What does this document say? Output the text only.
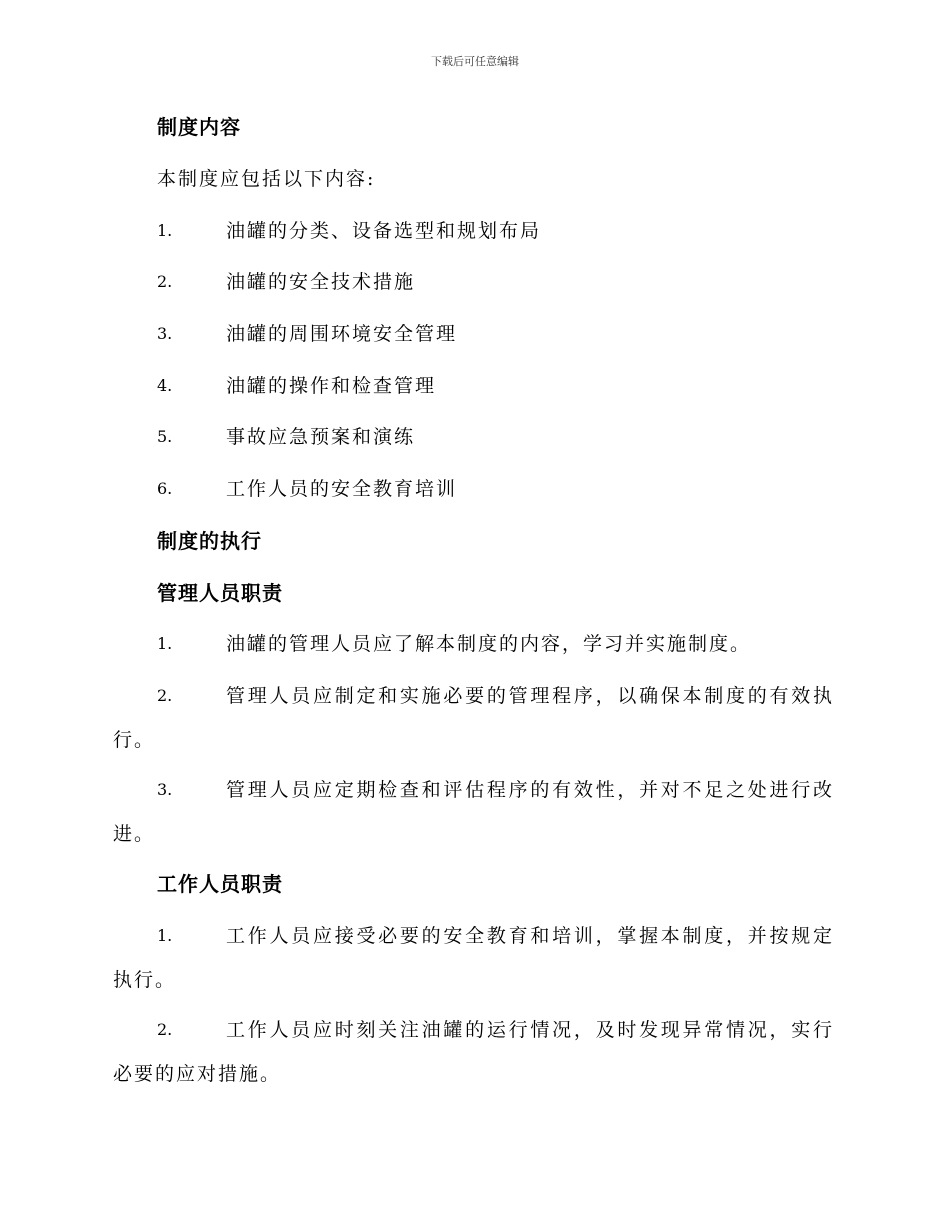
下载后可任意编辑
制度内容
本制度应包括以下内容:
1.	油罐的分类、设备选型和规划布局
2.	油罐的安全技术措施
3.	油罐的周围环境安全管理
4.	油罐的操作和检查管理
5.	事故应急预案和演练
6.	工作人员的安全教育培训
制度的执行
管理人员职责
1.	油罐的管理人员应了解本制度的内容，学习并实施制度。
2.	管理人员应制定和实施必要的管理程序，以确保本制度的有效执
行。
3.	管理人员应定期检查和评估程序的有效性，并对不足之处进行改
进。
工作人员职责
1.	工作人员应接受必要的安全教育和培训，掌握本制度，并按规定
执行。
2.	工作人员应时刻关注油罐的运行情况，及时发现异常情况，实行
必要的应对措施。
